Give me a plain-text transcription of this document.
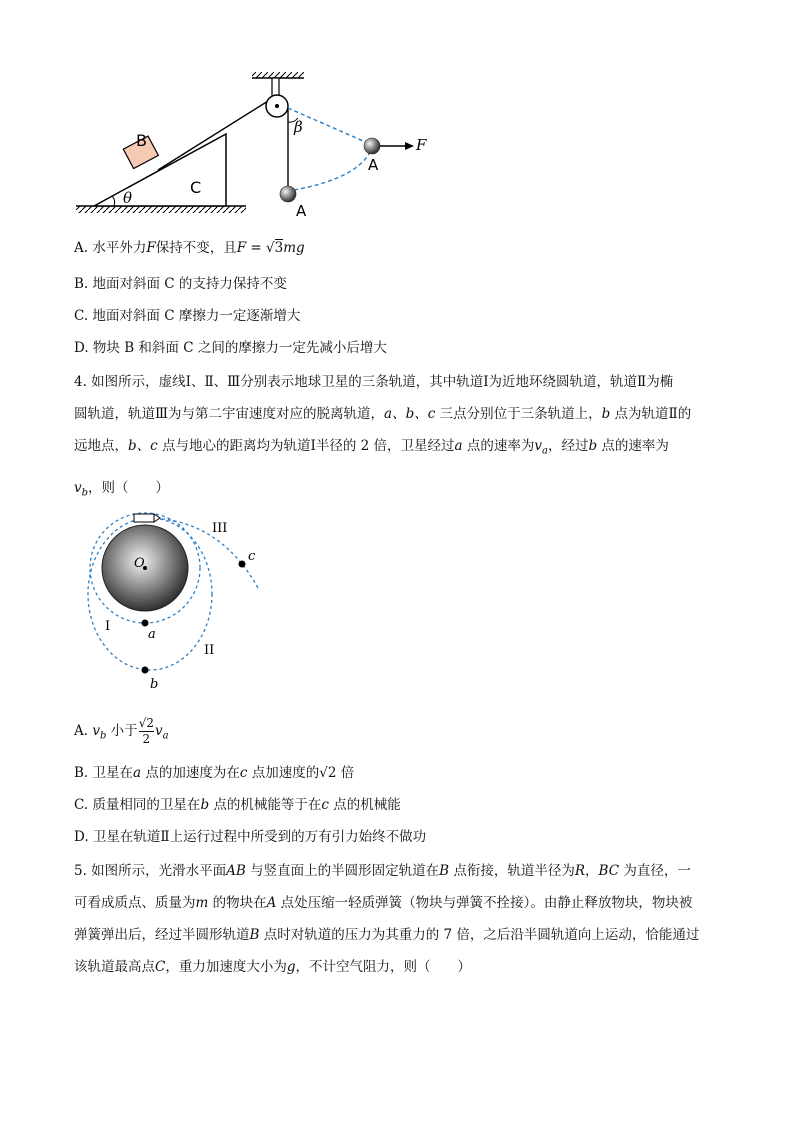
B
C
θ
β
A
A
F
A. 水平外力F保持不变，且F = √3mg
B. 地面对斜面 C 的支持力保持不变
C. 地面对斜面 C 摩擦力一定逐渐增大
D. 物块 B 和斜面 C 之间的摩擦力一定先减小后增大
4. 如图所示，虚线Ⅰ、Ⅱ、Ⅲ分别表示地球卫星的三条轨道，其中轨道Ⅰ为近地环绕圆轨道，轨道Ⅱ为椭
圆轨道，轨道Ⅲ为与第二宇宙速度对应的脱离轨道，a、b、c 三点分别位于三条轨道上，b 点为轨道Ⅱ的
远地点，b、c 点与地心的距离均为轨道Ⅰ半径的 2 倍，卫星经过a 点的速率为$v_a$，经过b 点的速率为
$v_b$，则（　　）
O
I
II
III
a
b
c
A. $v_b$ 小于 $\frac{√2}{2} v_a$
B. 卫星在a 点的加速度为在c 点加速度的√2 倍
C. 质量相同的卫星在b 点的机械能等于在c 点的机械能
D. 卫星在轨道Ⅱ上运行过程中所受到的万有引力始终不做功
5. 如图所示，光滑水平面AB 与竖直面上的半圆形固定轨道在B 点衔接，轨道半径为R，BC 为直径，一
可看成质点、质量为m 的物块在A 点处压缩一轻质弹簧（物块与弹簧不拴接）。由静止释放物块，物块被
弹簧弹出后，经过半圆形轨道B 点时对轨道的压力为其重力的 7 倍，之后沿半圆轨道向上运动，恰能通过
该轨道最高点C，重力加速度大小为g，不计空气阻力，则（　　）
